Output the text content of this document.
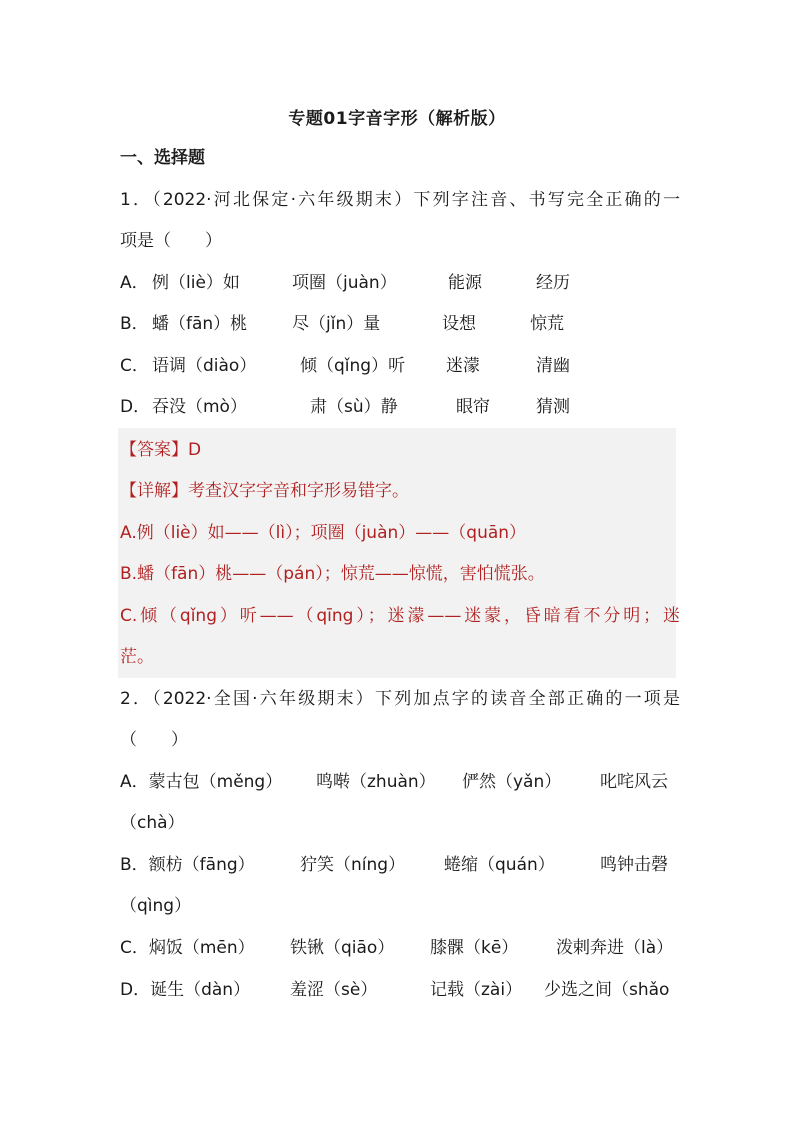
专题01字音字形（解析版）
一、选择题
1．（2022·河北保定·六年级期末）下列字注音、书写完全正确的一
项是（　　）
A． 例（liè）如	项圈（juàn）	能源	经历
B． 蟠（fān）桃	尽（jǐn）量	设想	惊荒
C． 语调（diào）	倾（qǐng）听 迷濛	清幽
D． 吞没（mò）	肃（sù）静	眼帘	猜测
【答案】D
【详解】考查汉字字音和字形易错字。
A.例（liè）如——（lì）；项圈（juàn）——（quān）
B.蟠（fān）桃——（pán）；惊荒——惊慌，害怕慌张。
C.倾（qǐng）听——（qīng）；迷濛——迷蒙，昏暗看不分明；迷
茫。
2．（2022·全国·六年级期末）下列加点字的读音全部正确的一项是
（　　）
A．蒙古包（měng） 鸣啭（zhuàn） 俨然（yǎn） 叱咤风云
（chà）
B．额枋（fāng）	狞笑（níng） 蜷缩（quán）	鸣钟击磬
（qìng）
C．焖饭（mēn） 铁锹（qiāo） 膝髁（kē） 泼剌奔进（là）
D．诞生（dàn） 羞涩（sè）	记载（zài） 少选之间（shǎo
